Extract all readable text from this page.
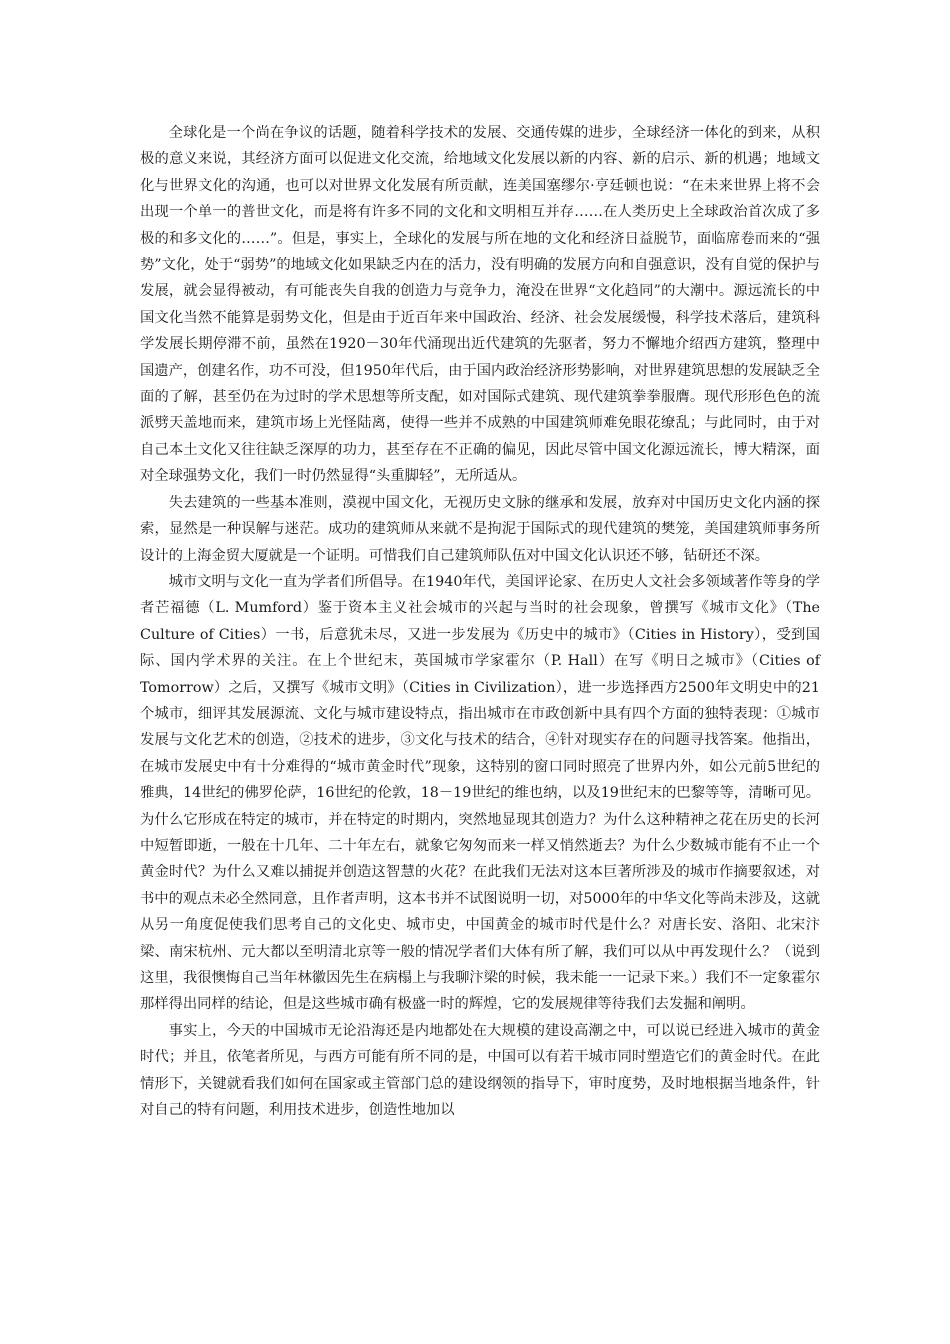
全球化是一个尚在争议的话题，随着科学技术的发展、交通传媒的进步，全球经济一体化的到来，从积极的意义来说，其经济方面可以促进文化交流，给地域文化发展以新的内容、新的启示、新的机遇；地域文化与世界文化的沟通，也可以对世界文化发展有所贡献，连美国塞缪尔·亨廷顿也说：“在未来世界上将不会出现一个单一的普世文化，而是将有许多不同的文化和文明相互并存……在人类历史上全球政治首次成了多极的和多文化的……”。但是，事实上，全球化的发展与所在地的文化和经济日益脱节，面临席卷而来的“强势”文化，处于“弱势”的地域文化如果缺乏内在的活力，没有明确的发展方向和自强意识，没有自觉的保护与发展，就会显得被动，有可能丧失自我的创造力与竞争力，淹没在世界“文化趋同”的大潮中。源远流长的中国文化当然不能算是弱势文化，但是由于近百年来中国政治、经济、社会发展缓慢，科学技术落后，建筑科学发展长期停滞不前，虽然在1920－30年代涌现出近代建筑的先驱者，努力不懈地介绍西方建筑，整理中国遗产，创建名作，功不可没，但1950年代后，由于国内政治经济形势影响，对世界建筑思想的发展缺乏全面的了解，甚至仍在为过时的学术思想等所支配，如对国际式建筑、现代建筑拳拳服膺。现代形形色色的流派劈天盖地而来，建筑市场上光怪陆离，使得一些并不成熟的中国建筑师难免眼花缭乱；与此同时，由于对自己本土文化又往往缺乏深厚的功力，甚至存在不正确的偏见，因此尽管中国文化源远流长，博大精深，面对全球强势文化，我们一时仍然显得“头重脚轻”，无所适从。

失去建筑的一些基本准则，漠视中国文化，无视历史文脉的继承和发展，放弃对中国历史文化内涵的探索，显然是一种误解与迷茫。成功的建筑师从来就不是拘泥于国际式的现代建筑的樊笼，美国建筑师事务所设计的上海金贸大厦就是一个证明。可惜我们自己建筑师队伍对中国文化认识还不够，钻研还不深。

城市文明与文化一直为学者们所倡导。在1940年代，美国评论家、在历史人文社会多领域著作等身的学者芒福德（L. Mumford）鉴于资本主义社会城市的兴起与当时的社会现象，曾撰写《城市文化》（The Culture of Cities）一书，后意犹未尽，又进一步发展为《历史中的城市》（Cities in History），受到国际、国内学术界的关注。在上个世纪末，英国城市学家霍尔（P. Hall）在写《明日之城市》（Cities of Tomorrow）之后，又撰写《城市文明》（Cities in Civilization），进一步选择西方2500年文明史中的21个城市，细评其发展源流、文化与城市建设特点，指出城市在市政创新中具有四个方面的独特表现：①城市发展与文化艺术的创造，②技术的进步，③文化与技术的结合，④针对现实存在的问题寻找答案。他指出，在城市发展史中有十分难得的“城市黄金时代”现象，这特别的窗口同时照亮了世界内外，如公元前5世纪的雅典，14世纪的佛罗伦萨，16世纪的伦敦，18－19世纪的维也纳，以及19世纪末的巴黎等等，清晰可见。为什么它形成在特定的城市，并在特定的时期内，突然地显现其创造力？为什么这种精神之花在历史的长河中短暂即逝，一般在十几年、二十年左右，就象它匆匆而来一样又悄然逝去？为什么少数城市能有不止一个黄金时代？为什么又难以捕捉并创造这智慧的火花？在此我们无法对这本巨著所涉及的城市作摘要叙述，对书中的观点未必全然同意，且作者声明，这本书并不试图说明一切，对5000年的中华文化等尚未涉及，这就从另一角度促使我们思考自己的文化史、城市史，中国黄金的城市时代是什么？对唐长安、洛阳、北宋汴梁、南宋杭州、元大都以至明清北京等一般的情况学者们大体有所了解，我们可以从中再发现什么？（说到这里，我很懊悔自己当年林徽因先生在病榻上与我聊汴梁的时候，我未能一一记录下来。）我们不一定象霍尔那样得出同样的结论，但是这些城市确有极盛一时的辉煌，它的发展规律等待我们去发掘和阐明。

事实上，今天的中国城市无论沿海还是内地都处在大规模的建设高潮之中，可以说已经进入城市的黄金时代；并且，依笔者所见，与西方可能有所不同的是，中国可以有若干城市同时塑造它们的黄金时代。在此情形下，关键就看我们如何在国家或主管部门总的建设纲领的指导下，审时度势，及时地根据当地条件，针对自己的特有问题，利用技术进步，创造性地加以
